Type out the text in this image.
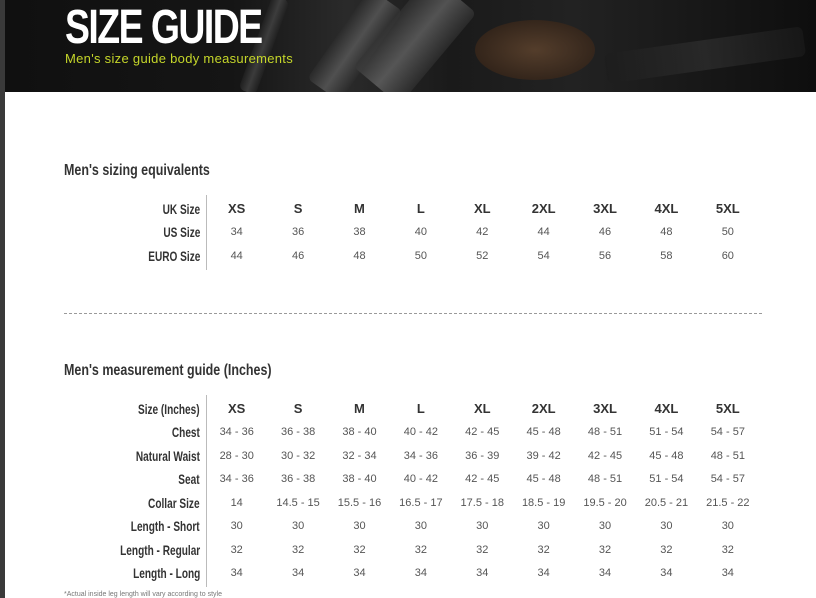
SIZE GUIDE
Men's size guide body measurements
Men's sizing equivalents
UK Size	XS	S	M	L	XL	2XL	3XL	4XL	5XL
US Size	34	36	38	40	42	44	46	48	50
EURO Size	44	46	48	50	52	54	56	58	60
Men's measurement guide (Inches)
Size (Inches)	XS	S	M	L	XL	2XL	3XL	4XL	5XL
Chest	34 - 36	36 - 38	38 - 40	40 - 42	42 - 45	45 - 48	48 - 51	51 - 54	54 - 57
Natural Waist	28 - 30	30 - 32	32 - 34	34 - 36	36 - 39	39 - 42	42 - 45	45 - 48	48 - 51
Seat	34 - 36	36 - 38	38 - 40	40 - 42	42 - 45	45 - 48	48 - 51	51 - 54	54 - 57
Collar Size	14	14.5 - 15	15.5 - 16	16.5 - 17	17.5 - 18	18.5 - 19	19.5 - 20	20.5 - 21	21.5 - 22
Length - Short	30	30	30	30	30	30	30	30	30
Length - Regular	32	32	32	32	32	32	32	32	32
Length - Long	34	34	34	34	34	34	34	34	34
*Actual inside leg length will vary according to style
